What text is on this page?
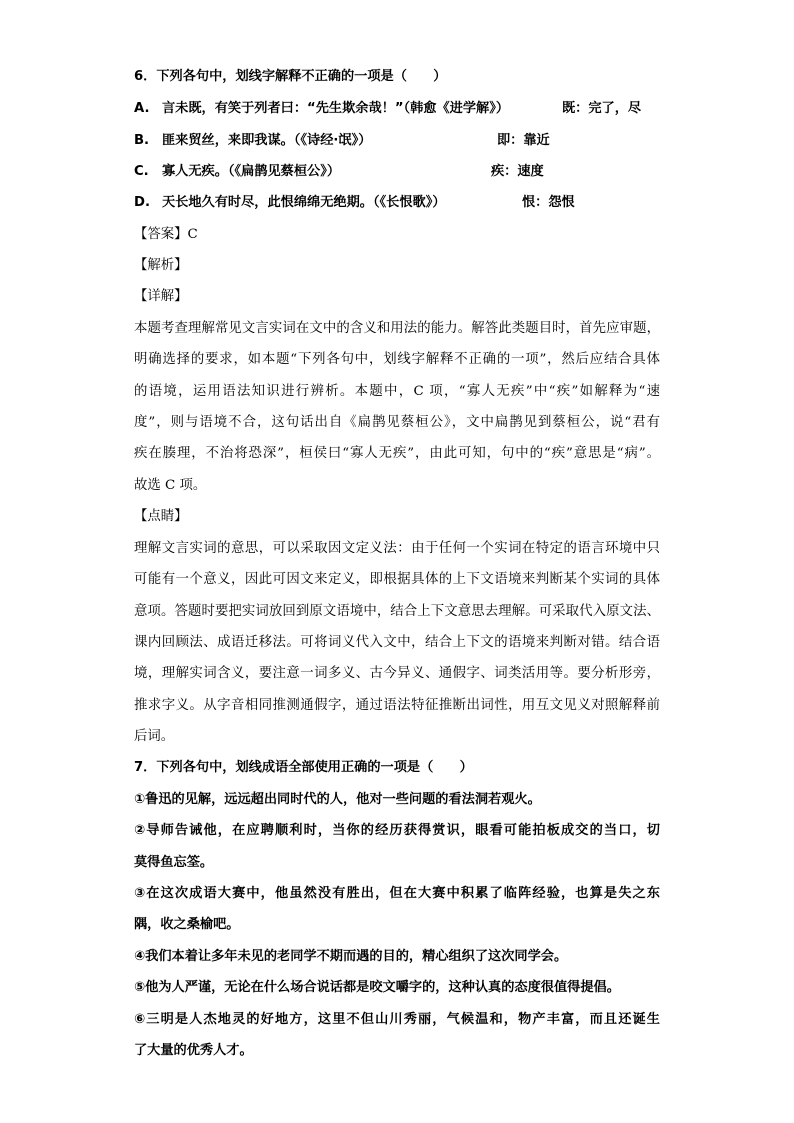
6．下列各句中，划线字解释不正确的一项是（　　）
A. 言未既，有笑于列者曰：“先生欺余哉！”（韩愈《进学解》）	既：完了，尽
B. 匪来贸丝，来即我谋。（《诗经·氓》）	即：靠近
C. 寡人无疾。（《扁鹊见蔡桓公》）	疾：速度
D. 天长地久有时尽，此恨绵绵无绝期。（《长恨歌》）	恨：怨恨
【答案】C
【解析】
【详解】
本题考查理解常见文言实词在文中的含义和用法的能力。解答此类题目时，首先应审题，
明确选择的要求，如本题“下列各句中，划线字解释不正确的一项”，然后应结合具体
的语境，运用语法知识进行辨析。本题中，C 项，“寡人无疾”中“疾”如解释为“速
度”，则与语境不合，这句话出自《扁鹊见蔡桓公》，文中扁鹊见到蔡桓公，说“君有
疾在腠理，不治将恐深”，桓侯曰“寡人无疾”，由此可知，句中的“疾”意思是“病”。
故选 C 项。
【点睛】
理解文言实词的意思，可以采取因文定义法：由于任何一个实词在特定的语言环境中只
可能有一个意义，因此可因文来定义，即根据具体的上下文语境来判断某个实词的具体
意项。答题时要把实词放回到原文语境中，结合上下文意思去理解。可采取代入原文法、
课内回顾法、成语迁移法。可将词义代入文中，结合上下文的语境来判断对错。结合语
境，理解实词含义，要注意一词多义、古今异义、通假字、词类活用等。要分析形旁，
推求字义。从字音相同推测通假字，通过语法特征推断出词性，用互文见义对照解释前
后词。
7．下列各句中，划线成语全部使用正确的一项是（　　）
①鲁迅的见解，远远超出同时代的人，他对一些问题的看法洞若观火。
②导师告诫他，在应聘顺利时，当你的经历获得赏识，眼看可能拍板成交的当口，切
莫得鱼忘筌。
③在这次成语大赛中，他虽然没有胜出，但在大赛中积累了临阵经验，也算是失之东
隅，收之桑榆吧。
④我们本着让多年未见的老同学不期而遇的目的，精心组织了这次同学会。
⑤他为人严谨，无论在什么场合说话都是咬文嚼字的，这种认真的态度很值得提倡。
⑥三明是人杰地灵的好地方，这里不但山川秀丽，气候温和，物产丰富，而且还诞生
了大量的优秀人才。
